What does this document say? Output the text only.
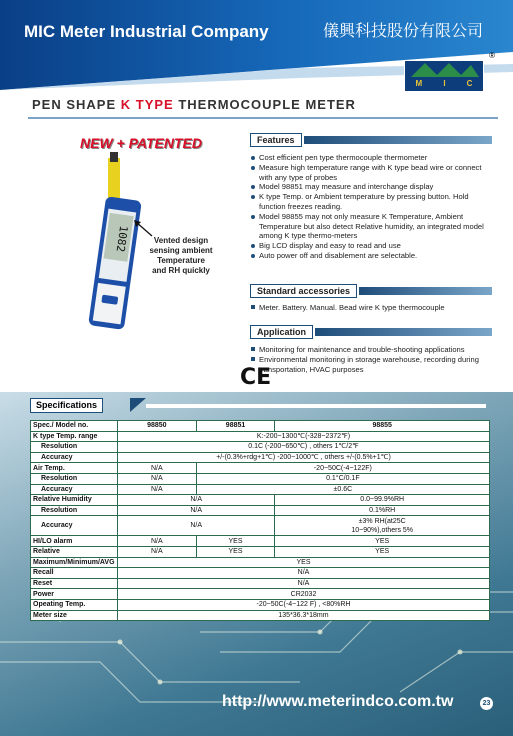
MIC Meter Industrial Company	儀興科技股份有限公司
M	I	C
®
PEN SHAPE K TYPE THERMOCOUPLE METER
http://www.meterindco.com.tw	23
NEW + PATENTED
1082	Vented design
sensing ambient
Temperature
and RH quickly
Features
Cost efficient pen type thermocouple thermometer
Measure high temperature range with K type bead wire or connect with any type of probes
Model 98851 may measure and interchange display
K type Temp. or Ambient temperature by pressing button. Hold function freezes reading.
Model 98855 may not only measure K Temperature, Ambient Temperature but also detect Relative humidity, an integrated model among K type thermo-meters
Big LCD display and easy to read and use
Auto power off and disablement are selectable.
Standard accessories
Meter. Battery. Manual. Bead wire K type thermocouple
Application
Monitoring for maintenance and trouble-shooting applications
Environmental monitoring in storage warehouse, recording during transportation, HVAC purposes
CE
Specifications
Spec./ Model no.	98850	98851	98855
K type Temp. range	K:-200~1300℃(-328~2372℉)		
Resolution	0.1C (-200~650℃) , others 1℃/2℉		
Accuracy	+/-(0.3%+rdg+1℃) -200~1000℃ , others +/-(0.5%+1℃)		
Air Temp.	N/A	-20~50C(-4~122F)	
Resolution	N/A	0.1°C/0.1F	
Accuracy	N/A	±0.6C	
Relative Humidity	N/A		0.0~99.9%RH
Resolution	N/A		0.1%RH
Accuracy	N/A		±3% RH(at25C
10~90%),others 5%

HI/LO alarm	N/A	YES	YES
Relative	N/A	YES	YES
Maximum/Minimum/AVG	YES		
Recall	N/A		
Reset	N/A		
Power	CR2032		
Opeating Temp.	-20~50C(-4~122 F) , <80%RH		
Meter size	135*36.3*18mm		
